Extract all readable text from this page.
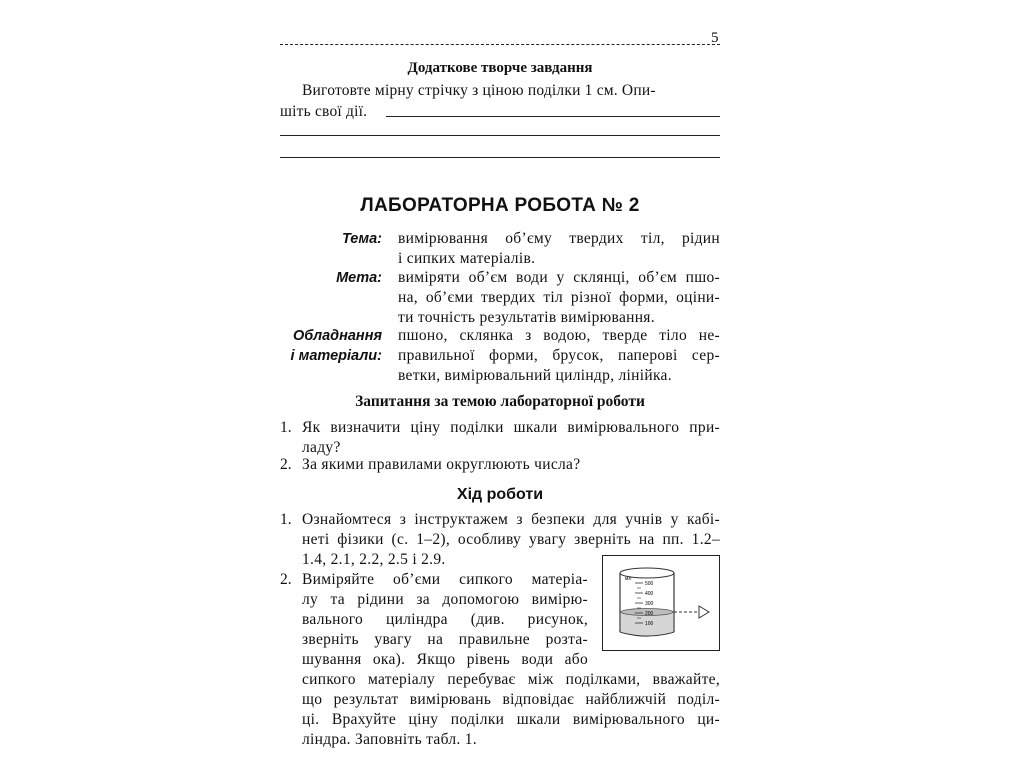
5
Додаткове творче завдання
Виготовте мірну стрічку з ціною поділки 1 см. Опи-
шіть свої дії.
ЛАБОРАТОРНА РОБОТА № 2
Тема: вимірювання об’єму твердих тіл, рідин
і сипких матеріалів.
Мета: виміряти об’єм води у склянці, об’єм пшо-
на, об’єми твердих тіл різної форми, оціни-
ти точність результатів вимірювання.
Обладнання
і матеріали:
пшоно, склянка з водою, тверде тіло не-
правильної форми, брусок, паперові сер-
ветки, вимірювальний циліндр, лінійка.
Запитання за темою лабораторної роботи
1. Як визначити ціну поділки шкали вимірювального при-
ладу?
2. За якими правилами округлюють числа?
Хід роботи
1. Ознайомтеся з інструктажем з безпеки для учнів у кабі-
неті фізики (с. 1–2), особливу увагу зверніть на пп. 1.2–
1.4, 2.1, 2.2, 2.5 і 2.9.
2. Виміряйте об’єми сипкого матеріа-
лу та рідини за допомогою вимірю-
вального циліндра (див. рисунок,
зверніть увагу на правильне розта-
шування ока). Якщо рівень води або
сипкого матеріалу перебуває між поділками, вважайте,
що результат вимірювань відповідає найближчій поділ-
ці. Врахуйте ціну поділки шкали вимірювального ци-
ліндра. Заповніть табл. 1.
мл
500
400
300
200
100
